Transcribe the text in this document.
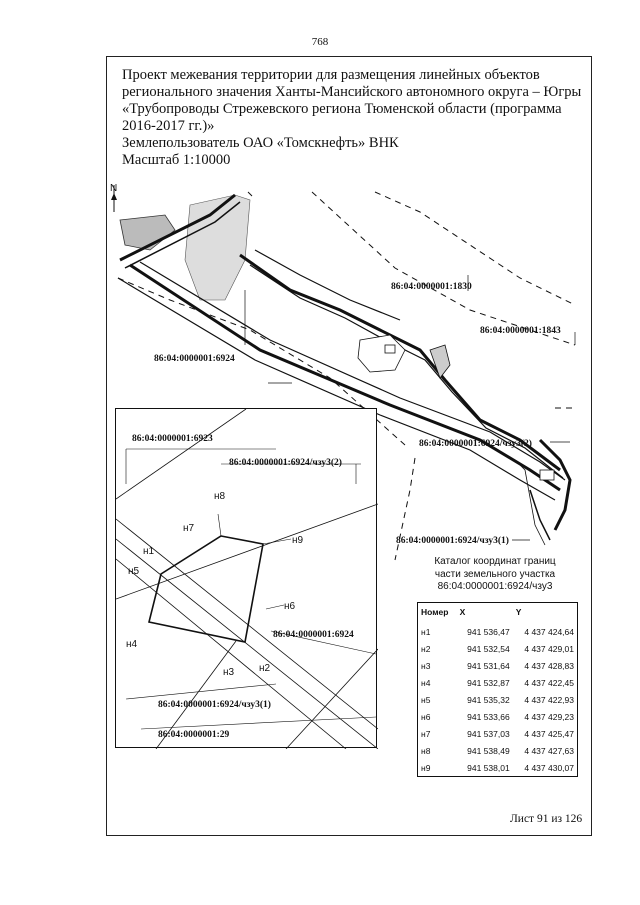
768
Проект межевания территории для размещения линейных объектов
регионального значения Ханты-Мансийского автономного округа – Югры
«Трубопроводы Стрежевского региона Тюменской области (программа
2016-2017 гг.)»
Землепользователь ОАО «Томскнефть» ВНК
Масштаб 1:10000
N
86:04:0000001:1830
86:04:0000001:1843
86:04:0000001:6924
86:04:0000001:6924/чзу3(2)
86:04:0000001:6924/чзу3(1)
86:04:0000001:6923
86:04:0000001:6924/чзу3(2)
86:04:0000001:6924
86:04:0000001:6924/чзу3(1)
86:04:0000001:29
н1
н2
н3
н4
н5
н6
н7
н8
н9
Каталог координат границ
части земельного участка
86:04:0000001:6924/чзу3
Номер	X	Y
н1	941 536,47	4 437 424,64
н2	941 532,54	4 437 429,01
н3	941 531,64	4 437 428,83
н4	941 532,87	4 437 422,45
н5	941 535,32	4 437 422,93
н6	941 533,66	4 437 429,23
н7	941 537,03	4 437 425,47
н8	941 538,49	4 437 427,63
н9	941 538,01	4 437 430,07
Лист 91 из 126
